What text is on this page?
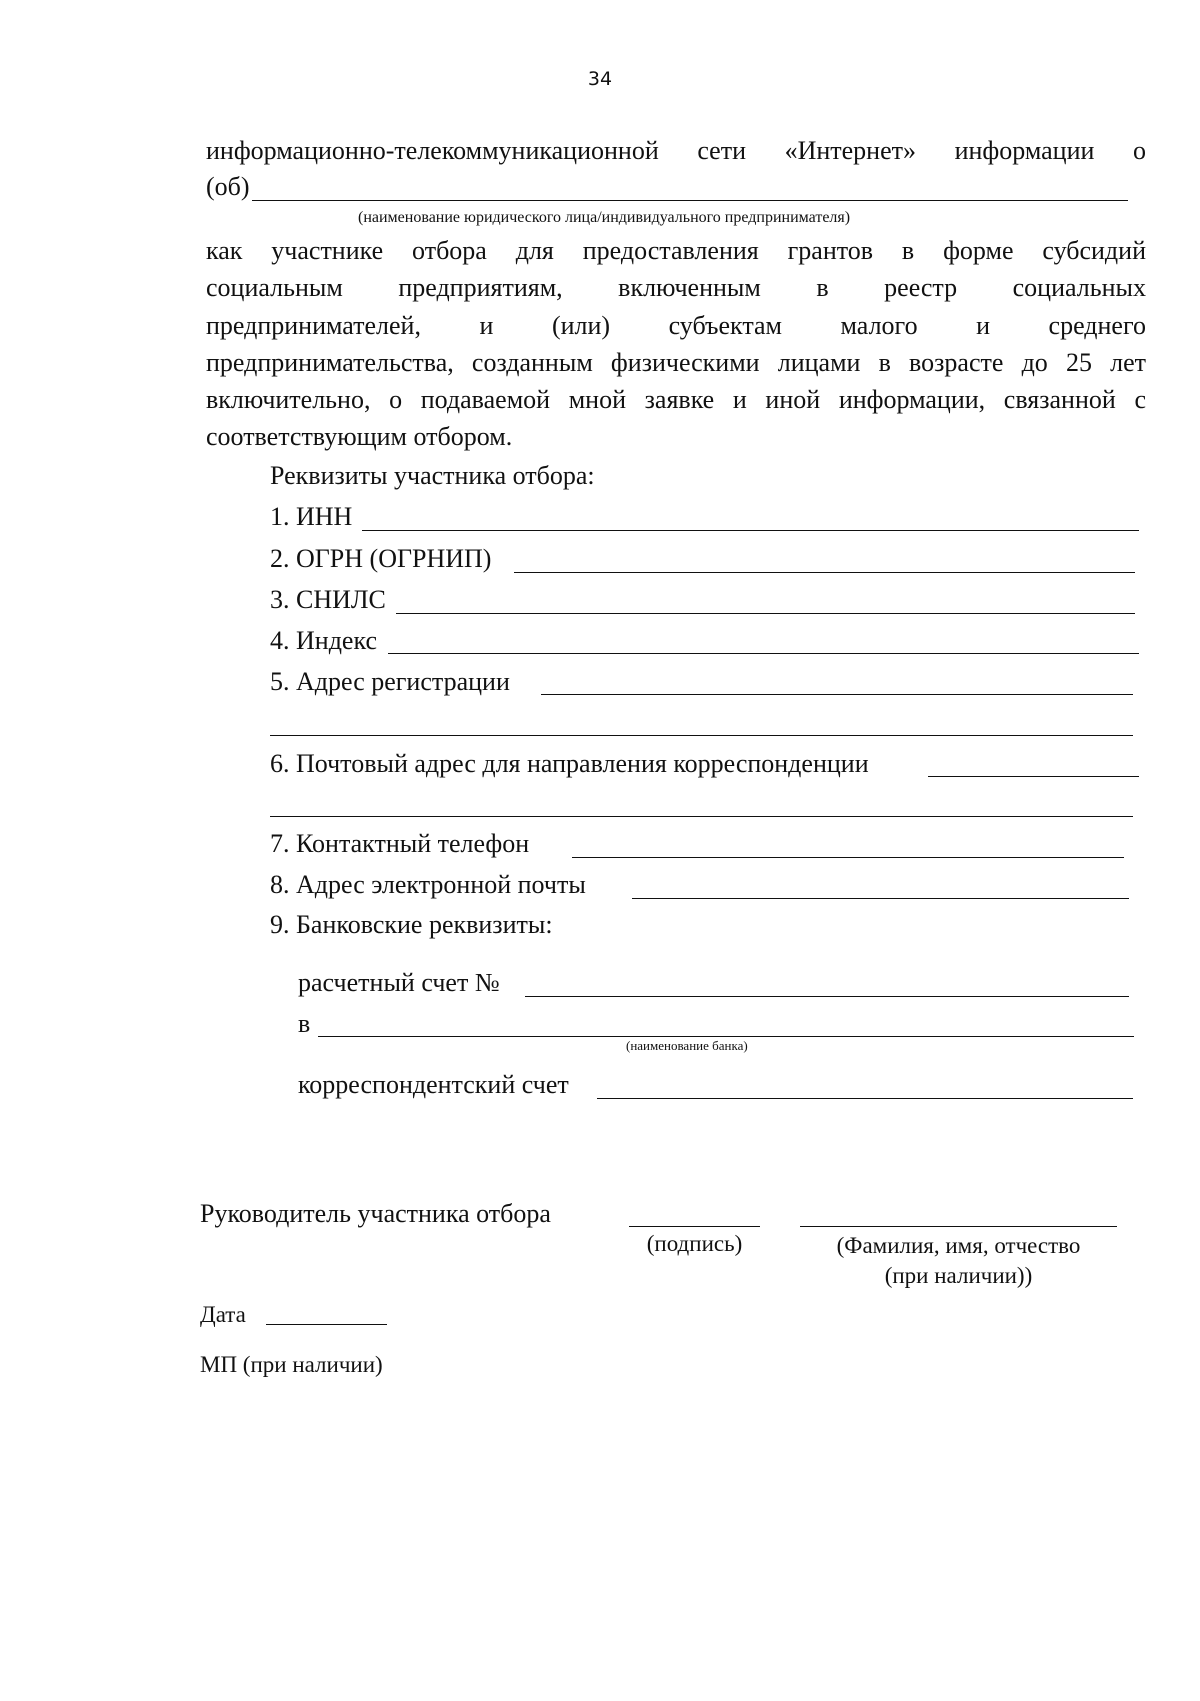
34
информационно-телекоммуникационной сети «Интернет» информации о
(об)
(наименование юридического лица/индивидуального предпринимателя)
как участнике отбора для предоставления грантов в форме субсидий
социальным предприятиям, включенным в реестр социальных
предпринимателей, и (или) субъектам малого и среднего
предпринимательства, созданным физическими лицами в возрасте до 25 лет
включительно, о подаваемой мной заявке и иной информации, связанной с
соответствующим отбором.
Реквизиты участника отбора:
1. ИНН
2. ОГРН (ОГРНИП)
3. СНИЛС
4. Индекс
5. Адрес регистрации
6. Почтовый адрес для направления корреспонденции
7. Контактный телефон
8. Адрес электронной почты
9. Банковские реквизиты:
расчетный счет №
в
(наименование банка)
корреспондентский счет
Руководитель участника отбора
(подпись)	(Фамилия, имя, отчество
(при наличии))
Дата
МП (при наличии)
